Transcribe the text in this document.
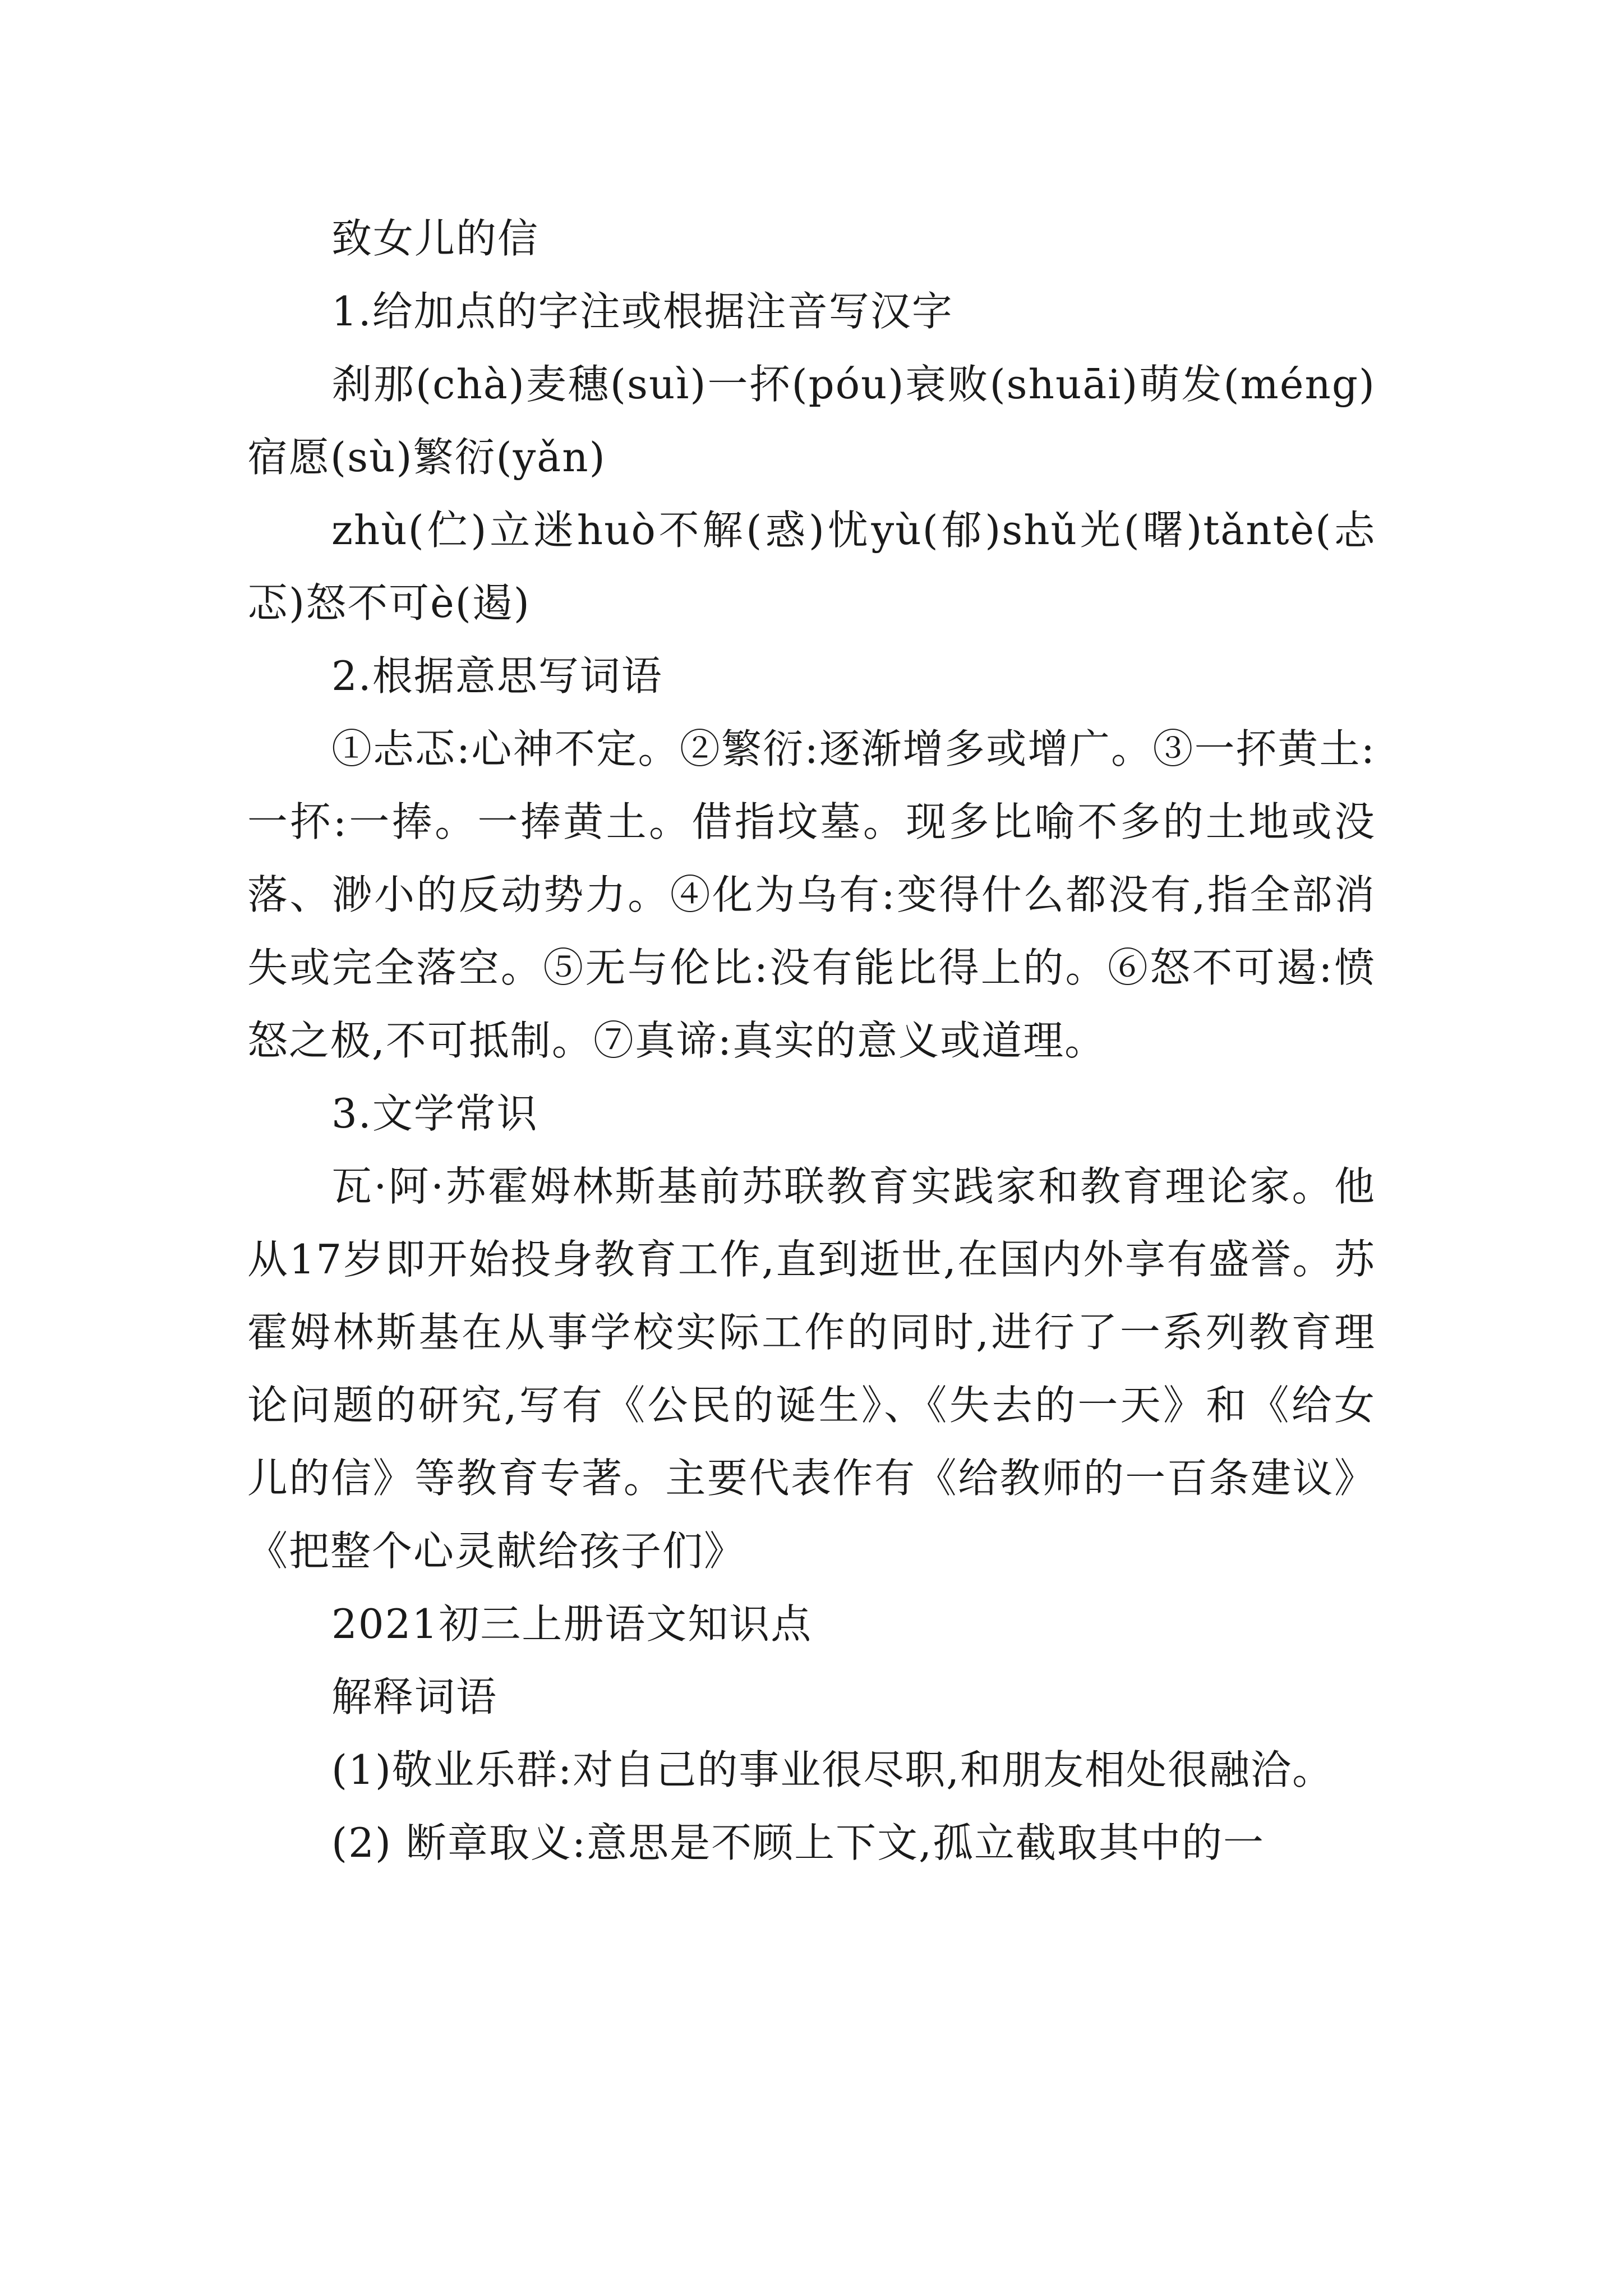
致女儿的信

1.给加点的字注或根据注音写汉字

刹那(chà)麦穗(suì)一抔(póu)衰败(shuāi)萌发(méng)宿愿(sù)繁衍(yǎn)

zhù(伫)立迷huò不解(惑)忧yù(郁)shǔ光(曙)tǎntè(忐忑)怒不可è(遏)

2.根据意思写词语

①忐忑:心神不定。②繁衍:逐渐增多或增广。③一抔黄土:一抔:一捧。一捧黄土。借指坟墓。现多比喻不多的土地或没落、渺小的反动势力。④化为乌有:变得什么都没有,指全部消失或完全落空。⑤无与伦比:没有能比得上的。⑥怒不可遏:愤怒之极,不可抵制。⑦真谛:真实的意义或道理。

3.文学常识

瓦·阿·苏霍姆林斯基前苏联教育实践家和教育理论家。他从17岁即开始投身教育工作,直到逝世,在国内外享有盛誉。苏霍姆林斯基在从事学校实际工作的同时,进行了一系列教育理论问题的研究,写有《公民的诞生》、《失去的一天》和《给女儿的信》等教育专著。主要代表作有《给教师的一百条建议》《把整个心灵献给孩子们》

2021初三上册语文知识点

解释词语

(1)敬业乐群:对自己的事业很尽职,和朋友相处很融洽。

(2) 断章取义:意思是不顾上下文,孤立截取其中的一
